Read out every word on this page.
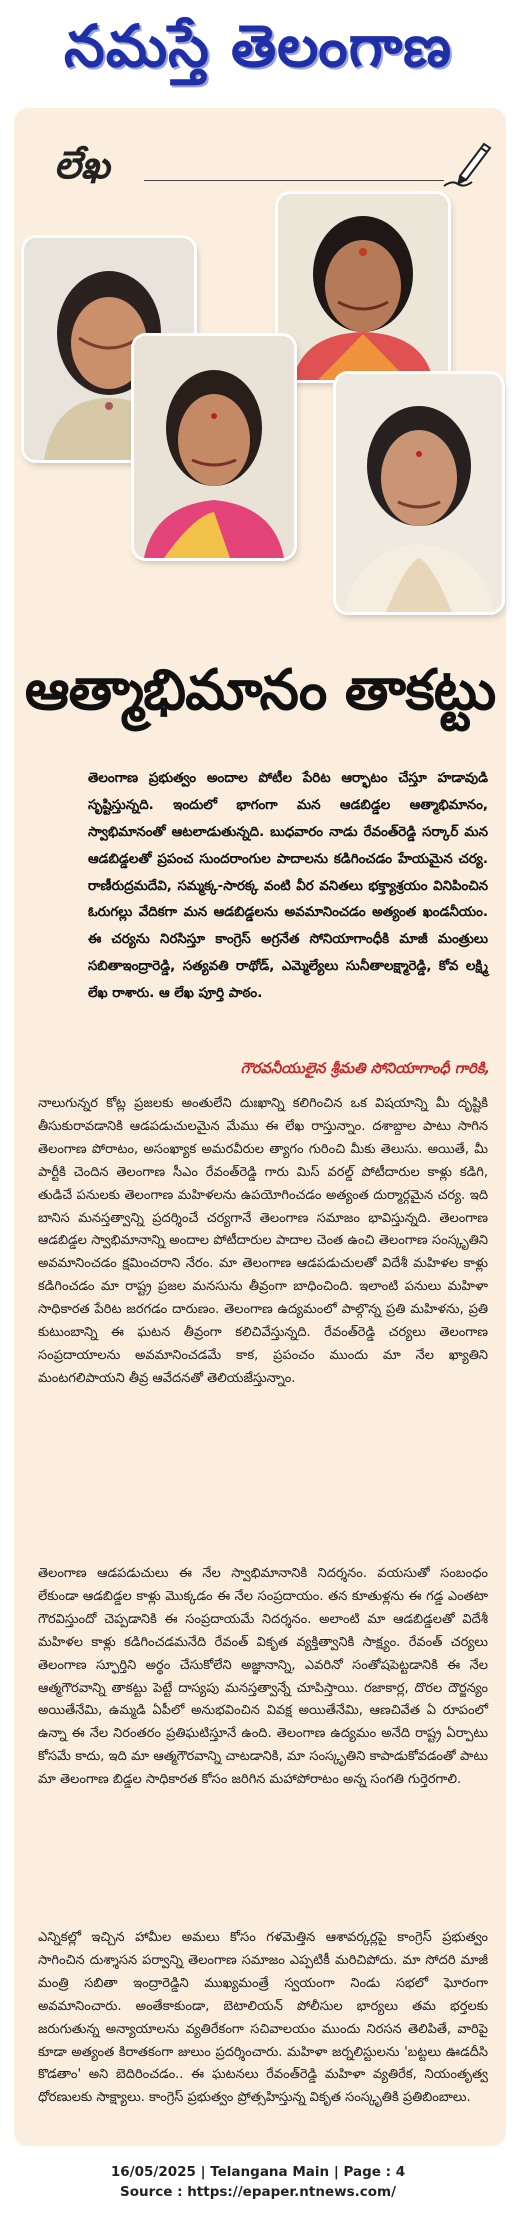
నమస్తే తెలంగాణ
లేఖ
ఆత్మాభిమానం తాకట్టు

తెలంగాణ ప్రభుత్వం అందాల పోటీల పేరిట ఆర్భాటం చేస్తూ హడావుడి సృష్టిస్తున్నది. ఇందులో భాగంగా మన ఆడబిడ్డల ఆత్మాభిమానం, స్వాభిమానంతో ఆటలాడుతున్నది. బుధవారం నాడు రేవంత్‌రెడ్డి సర్కార్ మన ఆడబిడ్డలతో ప్రపంచ సుందరాంగుల పాదాలను కడిగించడం హేయమైన చర్య. రాణీరుద్రమదేవి, సమ్మక్క-సారక్క వంటి వీర వనితలు భక్త్యాశ్రయం వినిపించిన ఓరుగల్లు వేదికగా మన ఆడబిడ్డలను అవమానించడం అత్యంత ఖండనీయం. ఈ చర్యను నిరసిస్తూ కాంగ్రెస్ అగ్రనేత సోనియాగాంధీకి మాజీ మంత్రులు సబితాఇంద్రారెడ్డి, సత్యవతి రాథోడ్, ఎమ్మెల్యేలు సునీతాలక్ష్మారెడ్డి, కోవ లక్ష్మి లేఖ రాశారు. ఆ లేఖ పూర్తి పాఠం.

గౌరవనీయులైన శ్రీమతి సోనియాగాంధీ గారికి,

నాలుగున్నర కోట్ల ప్రజలకు అంతులేని దుఃఖాన్ని కలిగించిన ఒక విషయాన్ని మీ దృష్టికి తీసుకురావడానికి ఆడపడుచులమైన మేము ఈ లేఖ రాస్తున్నాం. దశాబ్దాల పాటు సాగిన తెలంగాణ పోరాటం, అసంఖ్యాక అమరవీరుల త్యాగం గురించి మీకు తెలుసు. అయితే, మీ పార్టీకి చెందిన తెలంగాణ సీఎం రేవంత్‌రెడ్డి గారు మిస్ వరల్డ్ పోటీదారుల కాళ్లు కడిగి, తుడిచే పనులకు తెలంగాణ మహిళలను ఉపయోగించడం అత్యంత దుర్మార్గమైన చర్య. ఇది బానిస మనస్తత్వాన్ని ప్రదర్శించే చర్యగానే తెలంగాణ సమాజం భావిస్తున్నది. తెలంగాణ ఆడబిడ్డల స్వాభిమానాన్ని అందాల పోటీదారుల పాదాల చెంత ఉంచి తెలంగాణ సంస్కృతిని అవమానించడం క్షమించరాని నేరం. మా తెలంగాణ ఆడపడుచులతో విదేశీ మహిళల కాళ్లు కడిగించడం మా రాష్ట్ర ప్రజల మనసును తీవ్రంగా బాధించింది. ఇలాంటి పనులు మహిళా సాధికారత పేరిట జరగడం దారుణం. తెలంగాణ ఉద్యమంలో పాల్గొన్న ప్రతి మహిళను, ప్రతి కుటుంబాన్ని ఈ ఘటన తీవ్రంగా కలిచివేస్తున్నది. రేవంత్‌రెడ్డి చర్యలు తెలంగాణ సంప్రదాయాలను అవమానించడమే కాక, ప్రపంచం ముందు మా నేల ఖ్యాతిని మంటగలిపాయని తీవ్ర ఆవేదనతో తెలియజేస్తున్నాం.

తెలంగాణ ఆడపడుచులు ఈ నేల స్వాభిమానానికి నిదర్శనం. వయసుతో సంబంధం లేకుండా ఆడబిడ్డల కాళ్లు మొక్కడం ఈ నేల సంప్రదాయం. తన కూతుళ్లను ఈ గడ్డ ఎంతటా గౌరవిస్తుందో చెప్పడానికి ఈ సంప్రదాయమే నిదర్శనం. అలాంటి మా ఆడబిడ్డలతో విదేశీ మహిళల కాళ్లు కడిగించడమనేది రేవంత్ వికృత వ్యక్తిత్వానికి సాక్ష్యం. రేవంత్ చర్యలు తెలంగాణ స్ఫూర్తిని అర్థం చేసుకోలేని అజ్ఞానాన్ని, ఎవరినో సంతోషపెట్టడానికి ఈ నేల ఆత్మగౌరవాన్ని తాకట్టు పెట్టే దాస్యపు మనస్తత్వాన్నే చూపిస్తాయి. రజాకార్ల, దొరల దౌర్జన్యం అయితేనేమి, ఉమ్మడి ఏపీలో అనుభవించిన వివక్ష అయితేనేమి, ఆణచివేత ఏ రూపంలో ఉన్నా ఈ నేల నిరంతరం ప్రతిఘటిస్తూనే ఉంది. తెలంగాణ ఉద్యమం అనేది రాష్ట్ర ఏర్పాటు కోసమే కాదు, ఇది మా ఆత్మగౌరవాన్ని చాటడానికి, మా సంస్కృతిని కాపాడుకోవడంతో పాటు మా తెలంగాణ బిడ్డల సాధికారత కోసం జరిగిన మహాపోరాటం అన్న సంగతి గుర్తెరగాలి.

ఎన్నికల్లో ఇచ్చిన హామీల అమలు కోసం గళమెత్తిన ఆశావర్కర్లపై కాంగ్రెస్ ప్రభుత్వం సాగించిన దుశ్శాసన పర్వాన్ని తెలంగాణ సమాజం ఎప్పటికీ మరిచిపోదు. మా సోదరి మాజీ మంత్రి సబితా ఇంద్రారెడ్డిని ముఖ్యమంత్రే స్వయంగా నిండు సభలో ఘోరంగా అవమానించారు. అంతేకాకుండా, బెటాలియన్ పోలీసుల భార్యలు తమ భర్తలకు జరుగుతున్న అన్యాయాలను వ్యతిరేకంగా సచివాలయం ముందు నిరసన తెలిపితే, వారిపై కూడా అత్యంత కిరాతకంగా జులుం ప్రదర్శించారు. మహిళా జర్నలిస్టులను 'బట్టలు ఊడదీసి కొడతాం' అని బెదిరించడం.. ఈ ఘటనలు రేవంత్‌రెడ్డి మహిళా వ్యతిరేక, నియంతృత్వ ధోరణులకు సాక్ష్యాలు. కాంగ్రెస్ ప్రభుత్వం ప్రోత్సహిస్తున్న వికృత సంస్కృతికి ప్రతిబింబాలు.

16/05/2025 | Telangana Main | Page : 4
Source : https://epaper.ntnews.com/
